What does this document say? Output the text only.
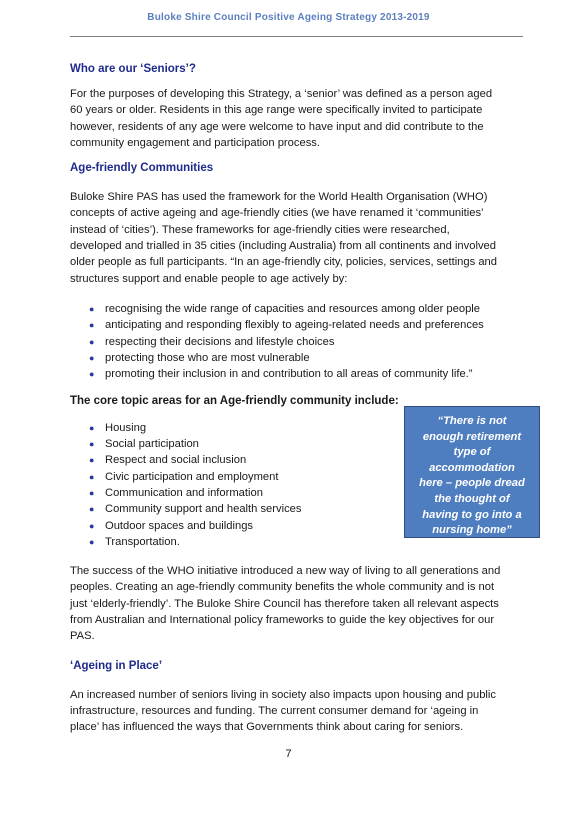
Buloke Shire Council Positive Ageing Strategy 2013-2019
Who are our ‘Seniors’?

For the purposes of developing this Strategy, a ‘senior’ was defined as a person aged
60 years or older. Residents in this age range were specifically invited to participate
however, residents of any age were welcome to have input and did contribute to the
community engagement and participation process.

Age-friendly Communities

Buloke Shire PAS has used the framework for the World Health Organisation (WHO)
concepts of active ageing and age-friendly cities (we have renamed it ‘communities’
instead of ‘cities’). These frameworks for age-friendly cities were researched,
developed and trialled in 35 cities (including Australia) from all continents and involved
older people as full participants. “In an age-friendly city, policies, services, settings and
structures support and enable people to age actively by:

● recognising the wide range of capacities and resources among older people
● anticipating and responding flexibly to ageing-related needs and preferences
● respecting their decisions and lifestyle choices
● protecting those who are most vulnerable
● promoting their inclusion in and contribution to all areas of community life.”

The core topic areas for an Age-friendly community include:

● Housing
● Social participation
● Respect and social inclusion
● Civic participation and employment
● Communication and information
● Community support and health services
● Outdoor spaces and buildings
● Transportation.

The success of the WHO initiative introduced a new way of living to all generations and
peoples. Creating an age-friendly community benefits the whole community and is not
just ‘elderly-friendly’. The Buloke Shire Council has therefore taken all relevant aspects
from Australian and International policy frameworks to guide the key objectives for our
PAS.

‘Ageing in Place’

An increased number of seniors living in society also impacts upon housing and public
infrastructure, resources and funding. The current consumer demand for ‘ageing in
place’ has influenced the ways that Governments think about caring for seniors.

“There is not
enough retirement
type of
accommodation
here – people dread
the thought of
having to go into a
nursing home”
~Resident
7
